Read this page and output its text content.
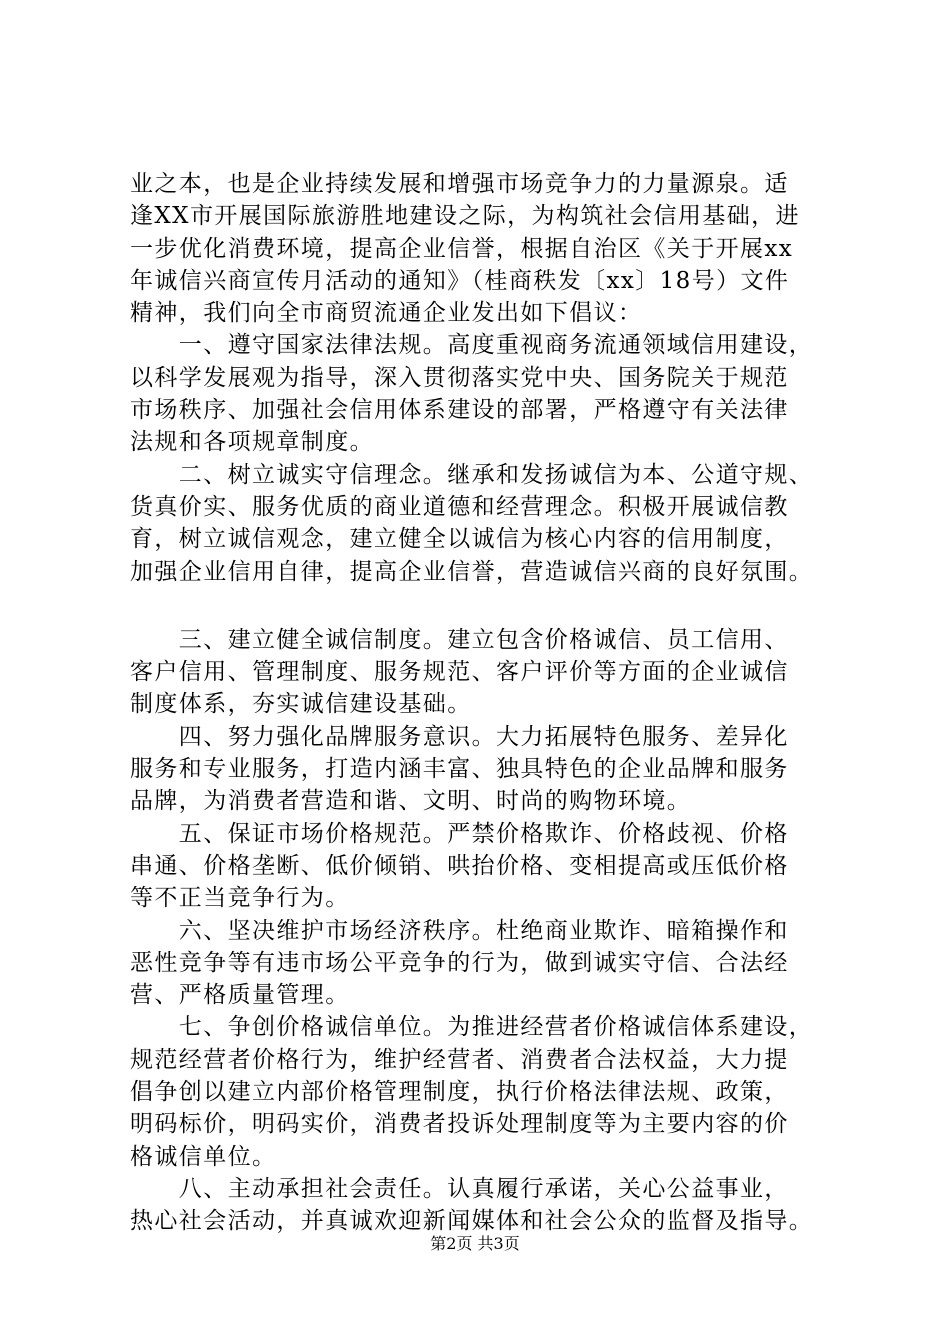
业之本，也是企业持续发展和增强市场竞争力的力量源泉。适
逢XX市开展国际旅游胜地建设之际，为构筑社会信用基础，进
一步优化消费环境，提高企业信誉，根据自治区《关于开展xx
年诚信兴商宣传月活动的通知》（桂商秩发〔xx〕18号）文件
精神，我们向全市商贸流通企业发出如下倡议：
　　一、遵守国家法律法规。高度重视商务流通领域信用建设，
以科学发展观为指导，深入贯彻落实党中央、国务院关于规范
市场秩序、加强社会信用体系建设的部署，严格遵守有关法律
法规和各项规章制度。
　　二、树立诚实守信理念。继承和发扬诚信为本、公道守规、
货真价实、服务优质的商业道德和经营理念。积极开展诚信教
育，树立诚信观念，建立健全以诚信为核心内容的信用制度，
加强企业信用自律，提高企业信誉，营造诚信兴商的良好氛围。
　　三、建立健全诚信制度。建立包含价格诚信、员工信用、
客户信用、管理制度、服务规范、客户评价等方面的企业诚信
制度体系，夯实诚信建设基础。
　　四、努力强化品牌服务意识。大力拓展特色服务、差异化
服务和专业服务，打造内涵丰富、独具特色的企业品牌和服务
品牌，为消费者营造和谐、文明、时尚的购物环境。
　　五、保证市场价格规范。严禁价格欺诈、价格歧视、价格
串通、价格垄断、低价倾销、哄抬价格、变相提高或压低价格
等不正当竞争行为。
　　六、坚决维护市场经济秩序。杜绝商业欺诈、暗箱操作和
恶性竞争等有违市场公平竞争的行为，做到诚实守信、合法经
营、严格质量管理。
　　七、争创价格诚信单位。为推进经营者价格诚信体系建设，
规范经营者价格行为，维护经营者、消费者合法权益，大力提
倡争创以建立内部价格管理制度，执行价格法律法规、政策，
明码标价，明码实价，消费者投诉处理制度等为主要内容的价
格诚信单位。
　　八、主动承担社会责任。认真履行承诺，关心公益事业，
热心社会活动，并真诚欢迎新闻媒体和社会公众的监督及指导。
第2页 共3页
